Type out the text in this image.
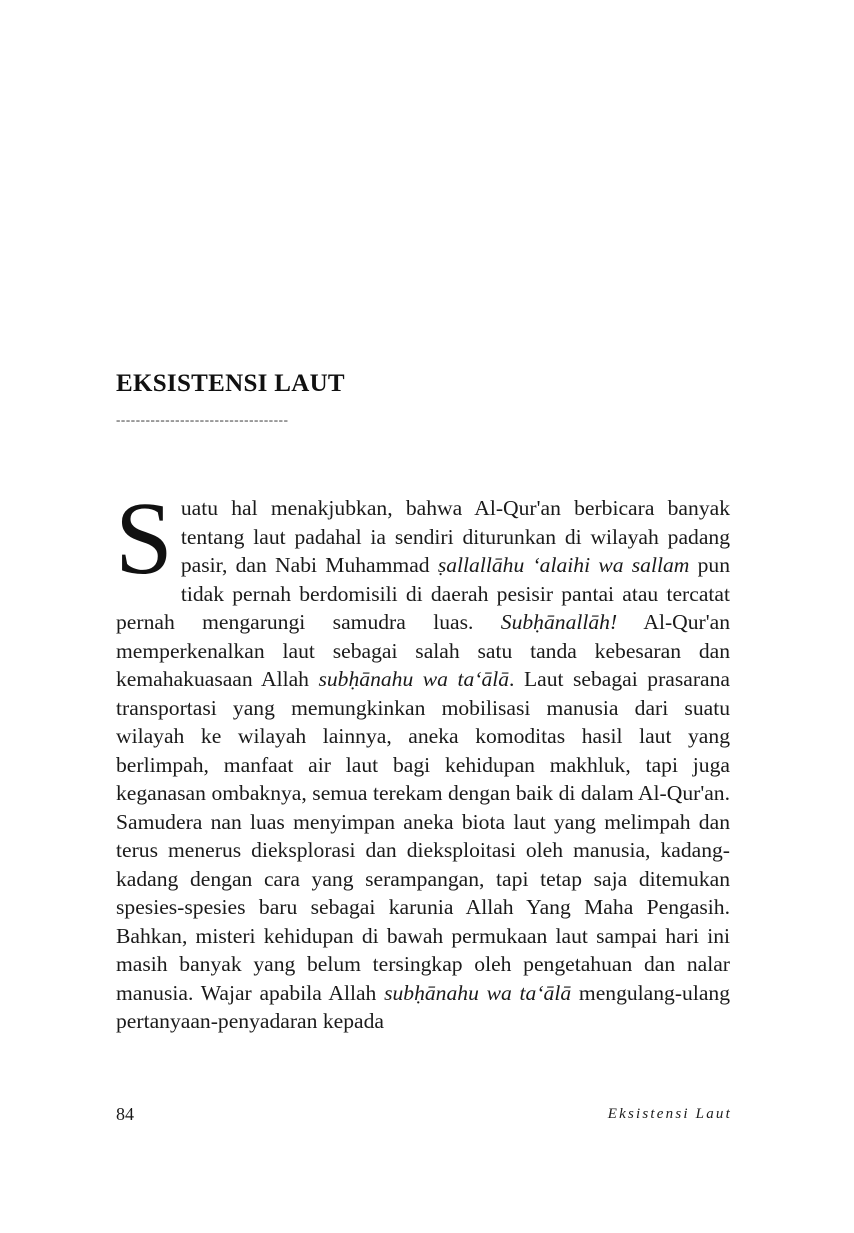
EKSISTENSI LAUT
-----------------------------------

Suatu hal menakjubkan, bahwa Al-Qur'an berbicara banyak tentang laut padahal ia sendiri diturunkan di wilayah padang pasir, dan Nabi Muhammad ṣallallāhu ‘alaihi wa sallam pun tidak pernah berdomisili di daerah pesisir pantai atau tercatat pernah mengarungi samudra luas. Subḥānallāh! Al-Qur'an memperkenalkan laut sebagai salah satu tanda kebesaran dan kemahakuasaan Allah subḥānahu wa ta‘ālā. Laut sebagai prasarana transportasi yang memungkinkan mobilisasi manusia dari suatu wilayah ke wilayah lainnya, aneka komoditas hasil laut yang berlimpah, manfaat air laut bagi kehidupan makhluk, tapi juga keganasan ombaknya, semua terekam dengan baik di dalam Al-Qur'an. Samudera nan luas menyimpan aneka biota laut yang melimpah dan terus menerus dieksplorasi dan dieksploitasi oleh manusia, kadang-kadang dengan cara yang serampangan, tapi tetap saja ditemukan spesies-spesies baru sebagai karunia Allah Yang Maha Pengasih. Bahkan, misteri kehidupan di bawah permukaan laut sampai hari ini masih banyak yang belum tersingkap oleh pengetahuan dan nalar manusia. Wajar apabila Allah subḥānahu wa ta‘ālā mengulang-ulang pertanyaan-penyadaran kepada

84	Eksistensi Laut
